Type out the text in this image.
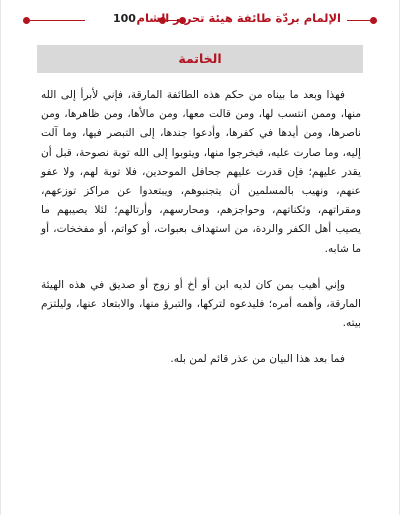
الإلمام بردّة طائفة هيئة تحرير الشام
100
الخاتمة

فهذا وبعد ما بيناه من حكم هذه الطائفة المارقة، فإني لأبرأ إلى الله منها، وممن انتسب لها، ومن قالت معها، ومن مالأها، ومن ظاهرها، ومن ناصرها، ومن أيدها في كفرها، وأدعوا جندها، إلى التبصر فيها، وما آلت إليه، وما صارت عليه، فيخرجوا منها، ويتوبوا إلى الله توبة نصوحة، قبل أن يقدر عليهم؛ فإن قدرت عليهم جحافل الموحدين، فلا توبة لهم، ولا عفو عنهم، ونهيب بالمسلمين أن يتجنبوهم، ويبتعدوا عن مراكز توزعهم، ومقراتهم، وثكناتهم، وحواجزهم، ومحارسهم، وأرتالهم؛ لئلا يصيبهم ما يصيب أهل الكفر والردة، من استهداف بعبوات، أو كواتم، أو مفخخات، أو ما شابه.

وإني أهيب بمن كان لديه ابن أو أخ أو زوج أو صديق في هذه الهيئة المارقة، وأهمه أمره؛ فليدعوه لتركها، والتبرؤ منها، والابتعاد عنها، وليلتزم بيته.

فما بعد هذا البيان من عذر قائم لمن بله.
